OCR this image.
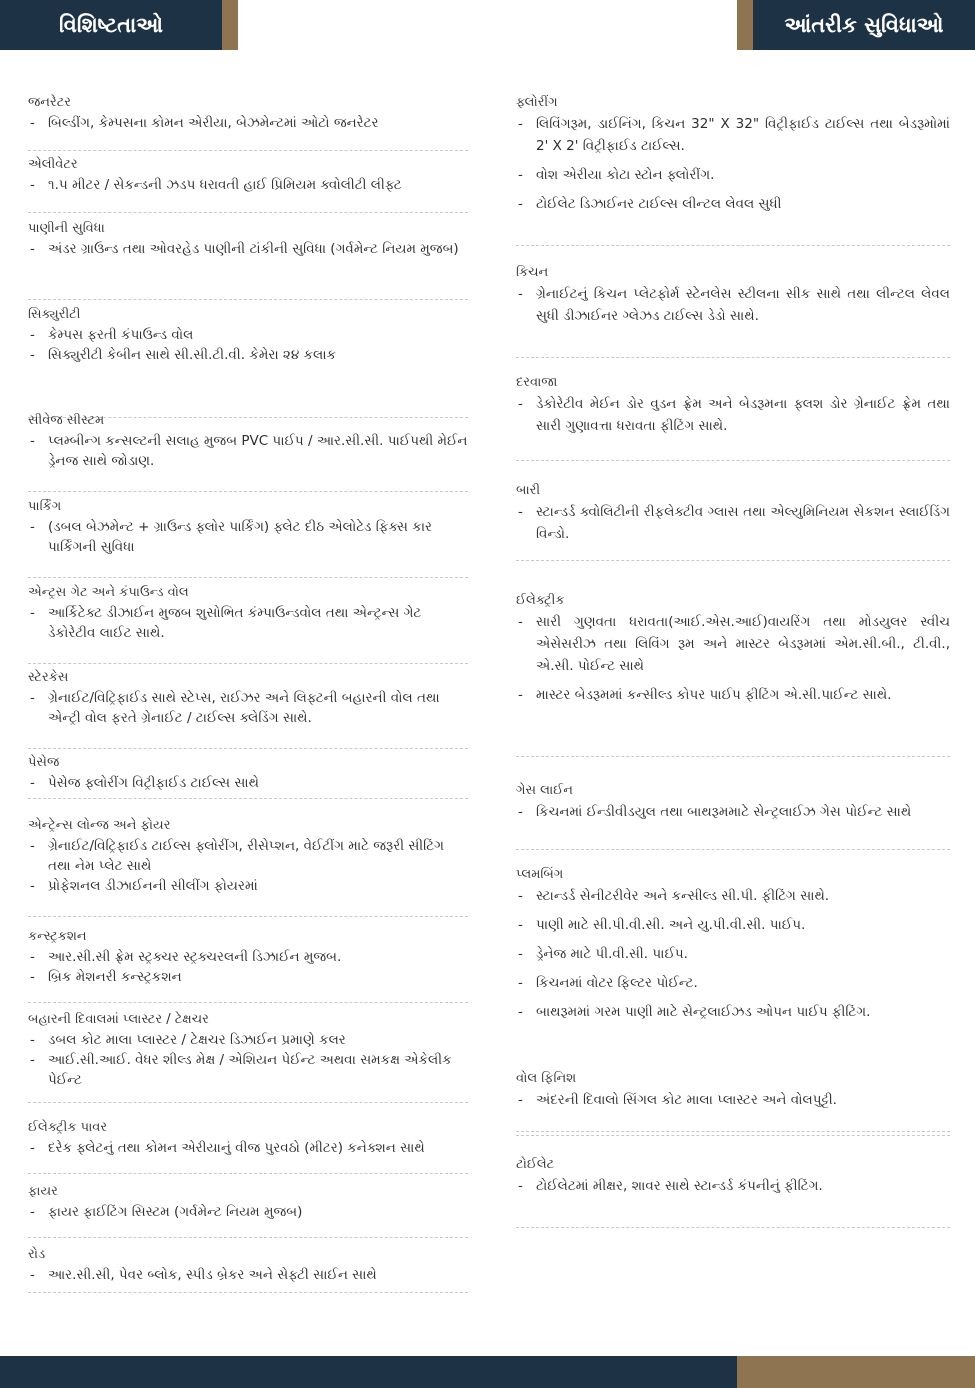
વિશિષ્ટતાઓ	આંતરીક સુવિધાઓ
જનરેટર
- બિલ્ડીંગ, કેમ્પસના કોમન એરીયા, બેઝમેન્ટમાં ઓટો જનરેટર
એલીવેટર
- ૧.૫ મીટર / સેકન્ડની ઝડપ ધરાવતી હાઈ પ્રિમિયમ ક્વોલીટી લીફ્ટ
પાણીની સુવિધા
- અંડર ગ્રાઉન્ડ તથા ઓવરહેડ પાણીની ટાંકીની સુવિધા (ગર્વમેન્ટ નિયમ મુજબ)
સિક્યુરીટી
- કેમ્પસ ફરતી કંપાઉન્ડ વોલ
- સિક્યુરીટી કેબીન સાથે સી.સી.ટી.વી. કેમેરા ૨૪ કલાક
સીવેજ સીસ્ટમ
- પ્લમ્બીન્ગ કન્સલ્ટની સલાહ મુજબ PVC પાઈપ / આર.સી.સી. પાઈપથી મેઈન ડ્રેનજ સાથે જોડાણ.
પાર્કિંગ
- (ડબલ બેઝમેન્ટ + ગ્રાઉન્ડ ફ્લોર પાર્કિંગ) ફ્લેટ દીઠ એલોટેડ ફિક્સ કાર પાર્કિંગની સુવિધા
એન્ટ્રસ ગેટ અને કંપાઉન્ડ વોલ
- આર્કિટેક્ટ ડીઝાઈન મુજબ શુસોભિત કંમ્પાઉન્ડવોલ તથા એન્ટ્રન્સ ગેટ ડેકોરેટીવ લાઈટ સાથે.
સ્ટેરકેસ
- ગ્રેનાઈટ/વિટ્રિફાઈડ સાથે સ્ટેપ્સ, રાઈઝર અને લિફ્ટની બહારની વોલ તથા એન્ટ્રી વોલ ફરતે ગ્રેનાઈટ / ટાઈલ્સ ક્લેડિંગ સાથે.
પેસેજ
- પેસેજ ફ્લોરીંગ વિટ્રીફાઈડ ટાઈલ્સ સાથે
એન્ટ્રેન્સ લોન્જ અને ફોયર
- ગ્રેનાઈટ/વિટ્રિફાઈડ ટાઈલ્સ ફ્લોરીંગ, રીસેપ્શન, વેઈટીંગ માટે જરૂરી સીટિંગ તથા નેમ પ્લેટ સાથે
- પ્રોફેશનલ ડીઝાઈનની સીલીંગ ફોયરમાં
કન્સ્ટ્રકશન
- આર.સી.સી ફ્રેમ સ્ટ્રક્ચર સ્ટ્રક્ચરલની ડિઝાઈન મુજબ.
- બ્રિક મેશનરી કન્સ્ટ્રકશન
બહારની દિવાલમાં પ્લાસ્ટર / ટેક્ષચર
- ડબલ કોટ માલા પ્લાસ્ટર / ટેક્ષચર ડિઝાઈન પ્રમાણે કલર
- આઈ.સી.આઈ. વેધર શીલ્ડ મેક્ષ / એશિયન પેઈન્ટ અથવા સમકક્ષ એકેલીક પેઈન્ટ
ઈલેક્ટ્રીક પાવર
- દરેક ફ્લેટનું તથા કોમન એરીયાનું વીજ પુરવઠો (મીટર) કનેક્શન સાથે
ફાયર
- ફાયર ફાઈટિંગ સિસ્ટમ (ગર્વમેન્ટ નિયમ મુજબ)
રોડ
- આર.સી.સી, પેવર બ્લોક, સ્પીડ બ્રેકર અને સેફ્ટી સાઈન સાથે
ફ્લોરીંગ
- લિવિંગરૂમ, ડાઈનિંગ, કિચન 32" X 32" વિટ્રીફાઈડ ટાઈલ્સ તથા બેડરૂમોમાં 2' X 2' વિટ્રીફાઈડ ટાઈલ્સ.
- વોશ એરીયા કોટા સ્ટોન ફ્લોરીંગ.
- ટોઈલેટ ડિઝાઈનર ટાઈલ્સ લીન્ટલ લેવલ સુધી
કિચન
- ગ્રેનાઈટનું કિચન પ્લેટફોર્મ સ્ટેનલેસ સ્ટીલના સીક સાથે તથા લીન્ટલ લેવલ સુધી ડીઝાઈનર ગ્લેઝડ ટાઈલ્સ ડેડો સાથે.
દરવાજા
- ડેકોરેટીવ મેઈન ડોર વુડન ફ્રેમ અને બેડરૂમના ફ્લશ ડોર ગ્રેનાઈટ ફ્રેમ તથા સારી ગુણાવત્તા ધરાવતા ફીટિંગ સાથે.
બારી
- સ્ટાન્ડર્ડ ક્વોલિટીની રીફલેક્ટીવ ગ્લાસ તથા એલ્યુમિનિયમ સેકશન સ્લાઈડિંગ વિન્ડો.
ઈલેક્ટ્રીક
- સારી ગુણવતા ધરાવતા(આઈ.એસ.આઈ)વાયરિંગ તથા મોડયુલર સ્વીચ એસેસરીઝ તથા લિવિંગ રૂમ અને માસ્ટર બેડરૂમમાં એમ.સી.બી., ટી.વી., એ.સી. પોઈન્ટ સાથે
- માસ્ટર બેડરૂમમાં કન્સીલ્ડ કોપર પાઈપ ફીટિંગ એ.સી.પાઈન્ટ સાથે.
ગેસ લાઈન
- કિચનમાં ઈન્ડીવીડયુલ તથા બાથરૂમમાટે સેન્ટ્રલાઈઝ ગેસ પોઈન્ટ સાથે
પ્લમબિંગ
- સ્ટાન્ડર્ડ સેનીટરીવેર અને કન્સીલ્ડ સી.પી. ફીટિંગ સાથે.
- પાણી માટે સી.પી.વી.સી. અને યુ.પી.વી.સી. પાઈપ.
- ડ્રેનેજ માટે પી.વી.સી. પાઈપ.
- કિચનમાં વોટર ફિલ્ટર પોઈન્ટ.
- બાથરૂમમાં ગરમ પાણી માટે સેન્ટ્રલાઈઝડ ઓપન પાઈપ ફીટિંગ.
વોલ ફિનિશ
- અંદરની દિવાલો સિંગલ કોટ માલા પ્લાસ્ટર અને વોલપુટ્ટી.
ટોઈલેટ
- ટોઈલેટમાં મીક્ષર, શાવર સાથે સ્ટાન્ડર્ડ કંપનીનું ફીટિંગ.
